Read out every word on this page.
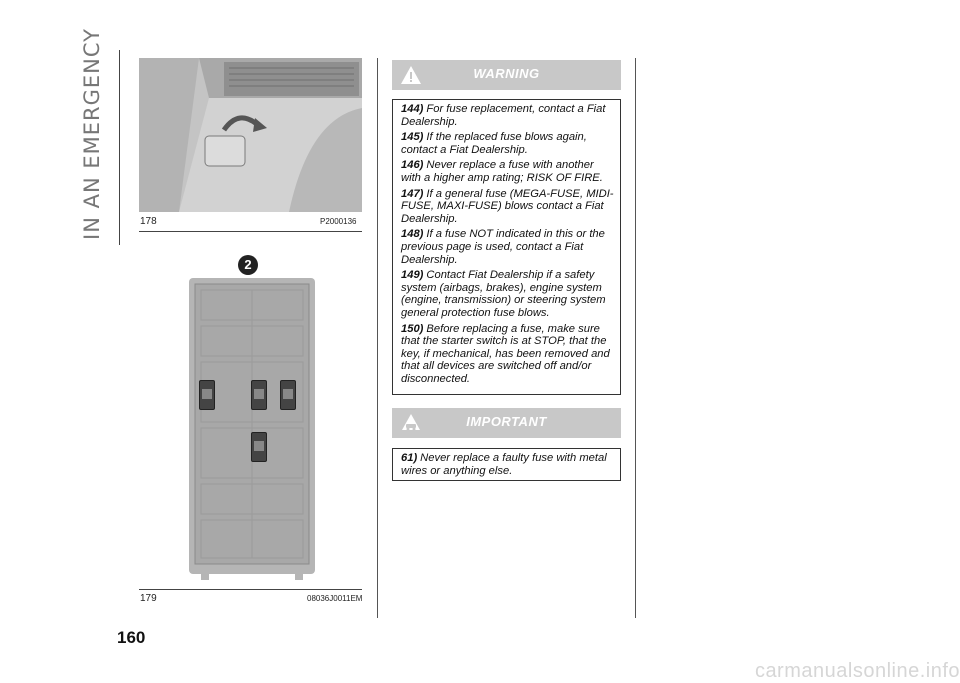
IN AN EMERGENCY	178	P2000136
2
179	08036J0011EM
WARNING
144) For fuse replacement, contact a Fiat Dealership.
145) If the replaced fuse blows again, contact a Fiat Dealership.
146) Never replace a fuse with another with a higher amp rating; RISK OF FIRE.
147) If a general fuse (MEGA-FUSE, MIDI-FUSE, MAXI-FUSE) blows contact a Fiat Dealership.
148) If a fuse NOT indicated in this or the previous page is used, contact a Fiat Dealership.
149) Contact Fiat Dealership if a safety system (airbags, brakes), engine system (engine, transmission) or steering system general protection fuse blows.
150) Before replacing a fuse, make sure that the starter switch is at STOP, that the key, if mechanical, has been removed and that all devices are switched off and/or disconnected.
IMPORTANT
61) Never replace a faulty fuse with metal wires or anything else.
160
carmanualsonline.info
